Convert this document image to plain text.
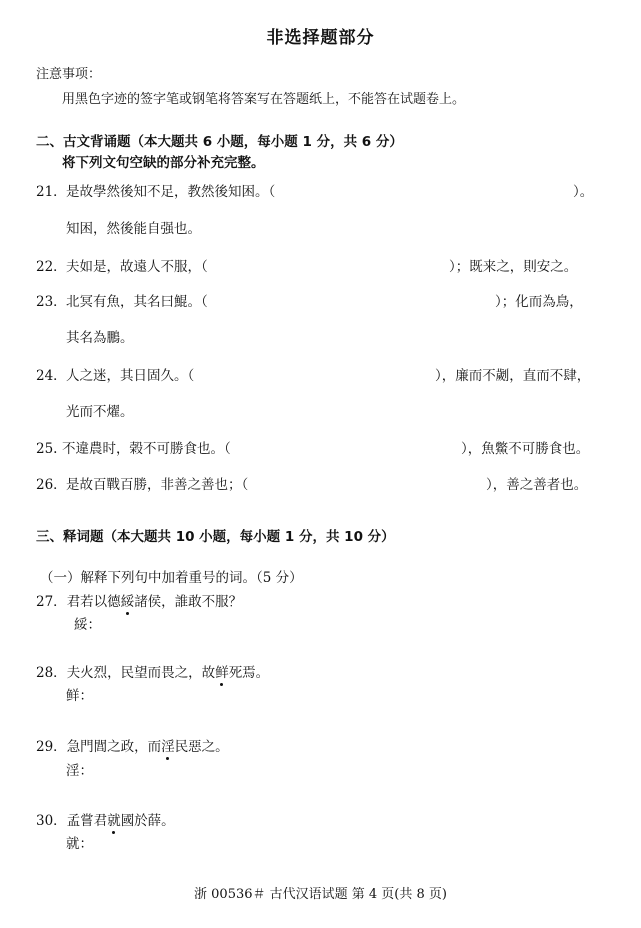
非选择题部分
注意事项：
用黑色字迹的签字笔或钢笔将答案写在答题纸上，不能答在试题卷上。
二、古文背诵题（本大题共 6 小题，每小题 1 分，共 6 分）
将下列文句空缺的部分补充完整。
21． 是故學然後知不足，教然後知困。（	）。
知困，然後能自强也。
22． 夫如是，故遠人不服，（	）；既来之，則安之。
23． 北冥有魚，其名曰鯤。（	）；化而為鳥，
其名為鵬。
24． 人之迷，其日固久。（	），廉而不劌，直而不肆，
光而不燿。
25. 不違農时，榖不可勝食也。（	），魚鱉不可勝食也。
26． 是故百戰百勝，非善之善也；（	），善之善者也。
三、释词题（本大题共 10 小题，每小题 1 分，共 10 分）
（一）解释下列句中加着重号的词。（5 分）
27．君若以德綏諸侯，誰敢不服？
綏：
28．夫火烈，民望而畏之，故鲜死焉。
鲜：
29．急門閭之政，而淫民惡之。
淫：
30．孟嘗君就國於薛。
就：
浙 00536＃ 古代汉语试题 第 4 页(共 8 页)
